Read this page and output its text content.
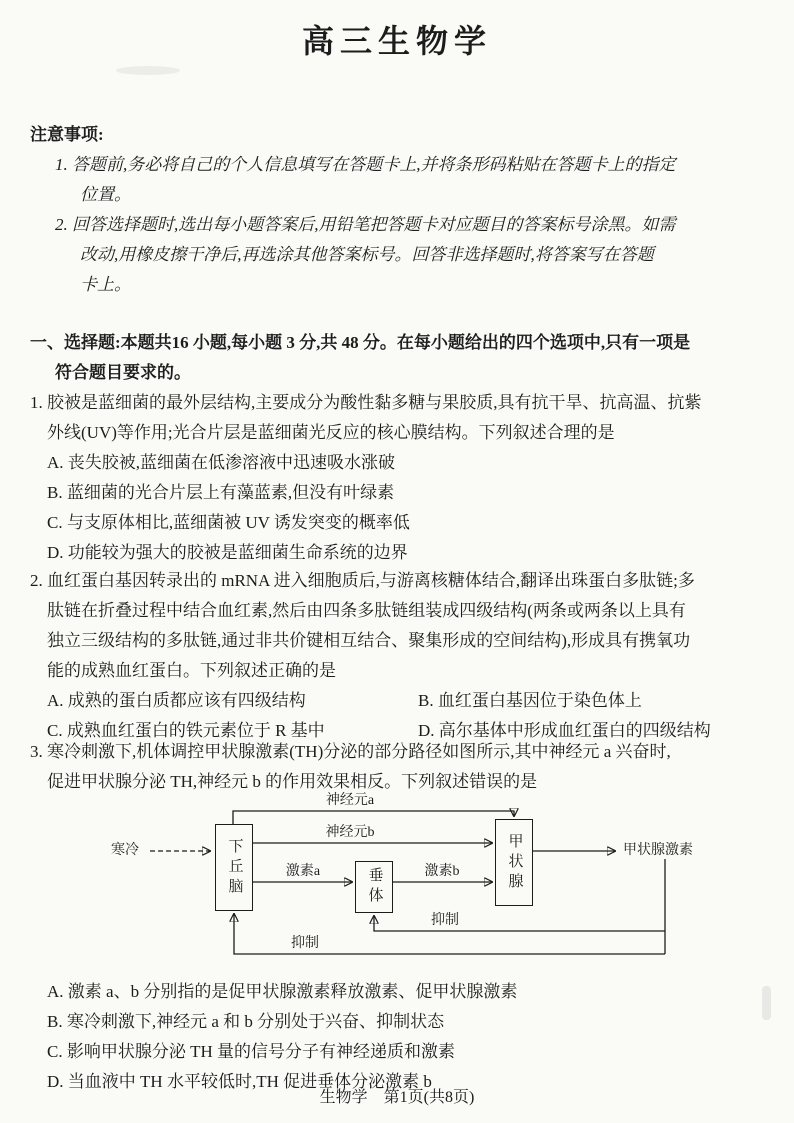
高三生物学
注意事项:
1. 答题前,务必将自己的个人信息填写在答题卡上,并将条形码粘贴在答题卡上的指定
位置。
2. 回答选择题时,选出每小题答案后,用铅笔把答题卡对应题目的答案标号涂黑。如需
改动,用橡皮擦干净后,再选涂其他答案标号。回答非选择题时,将答案写在答题
卡上。
一、选择题:本题共16 小题,每小题 3 分,共 48 分。在每小题给出的四个选项中,只有一项是
符合题目要求的。
1. 胶被是蓝细菌的最外层结构,主要成分为酸性黏多糖与果胶质,具有抗干旱、抗高温、抗紫
外线(UV)等作用;光合片层是蓝细菌光反应的核心膜结构。下列叙述合理的是
A. 丧失胶被,蓝细菌在低渗溶液中迅速吸水涨破
B. 蓝细菌的光合片层上有藻蓝素,但没有叶绿素
C. 与支原体相比,蓝细菌被 UV 诱发突变的概率低
D. 功能较为强大的胶被是蓝细菌生命系统的边界
2. 血红蛋白基因转录出的 mRNA 进入细胞质后,与游离核糖体结合,翻译出珠蛋白多肽链;多
肽链在折叠过程中结合血红素,然后由四条多肽链组装成四级结构(两条或两条以上具有
独立三级结构的多肽链,通过非共价键相互结合、聚集形成的空间结构),形成具有携氧功
能的成熟血红蛋白。下列叙述正确的是
A. 成熟的蛋白质都应该有四级结构	B. 血红蛋白基因位于染色体上
C. 成熟血红蛋白的铁元素位于 R 基中	D. 高尔基体中形成血红蛋白的四级结构
3. 寒冷刺激下,机体调控甲状腺激素(TH)分泌的部分路径如图所示,其中神经元 a 兴奋时,
促进甲状腺分泌 TH,神经元 b 的作用效果相反。下列叙述错误的是
寒冷	下丘脑	垂体	甲状腺
神经元a
神经元b
激素a	激素b
甲状腺激素
抑制
抑制
A. 激素 a、b 分别指的是促甲状腺激素释放激素、促甲状腺激素
B. 寒冷刺激下,神经元 a 和 b 分别处于兴奋、抑制状态
C. 影响甲状腺分泌 TH 量的信号分子有神经递质和激素
D. 当血液中 TH 水平较低时,TH 促进垂体分泌激素 b
生物学 第1页(共8页)
